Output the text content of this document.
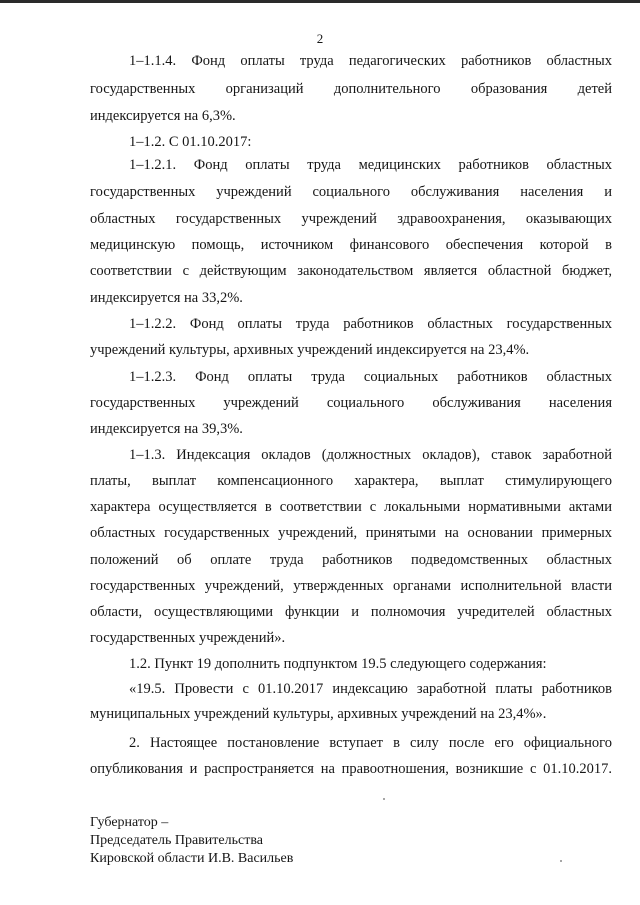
2

1–1.1.4. Фонд оплаты труда педагогических работников областных

государственных организаций дополнительного образования детей

индексируется на 6,3%.

1–1.2. С 01.10.2017:

1–1.2.1. Фонд оплаты труда медицинских работников областных

государственных учреждений социального обслуживания населения и

областных государственных учреждений здравоохранения, оказывающих

медицинскую помощь, источником финансового обеспечения которой в

соответствии с действующим законодательством является областной бюджет,

индексируется на 33,2%.

1–1.2.2. Фонд оплаты труда работников областных государственных

учреждений культуры, архивных учреждений индексируется на 23,4%.

1–1.2.3. Фонд оплаты труда социальных работников областных

государственных учреждений социального обслуживания населения

индексируется на 39,3%.

1–1.3. Индексация окладов (должностных окладов), ставок заработной

платы, выплат компенсационного характера, выплат стимулирующего

характера осуществляется в соответствии с локальными нормативными актами

областных государственных учреждений, принятыми на основании примерных

положений об оплате труда работников подведомственных областных

государственных учреждений, утвержденных органами исполнительной власти

области, осуществляющими функции и полномочия учредителей областных

государственных учреждений».

1.2. Пункт 19 дополнить подпунктом 19.5 следующего содержания:

«19.5. Провести с 01.10.2017 индексацию заработной платы работников

муниципальных учреждений культуры, архивных учреждений на 23,4%».

2. Настоящее постановление вступает в силу после его официального

опубликования и распространяется на правоотношения, возникшие с 01.10.2017.

Губернатор –

Председатель Правительства

Кировской области И.В. Васильев
